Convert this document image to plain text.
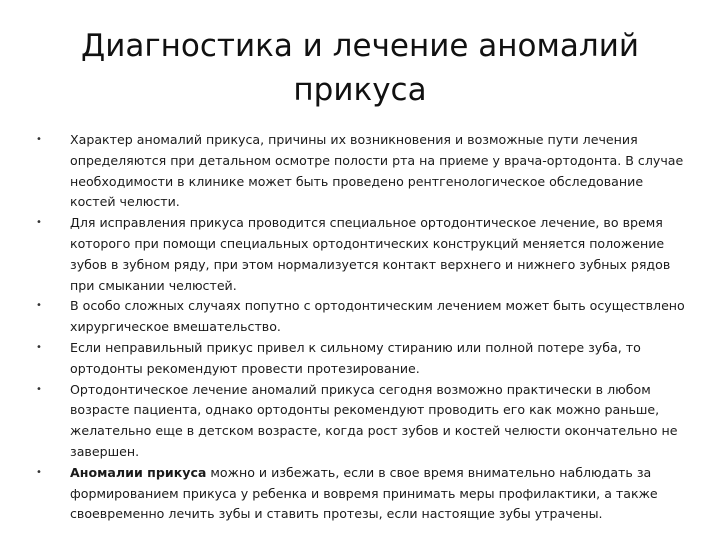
Диагностика и лечение аномалий
прикуса
•	Характер аномалий прикуса, причины их возникновения и возможные пути лечения определяются при детальном осмотре полости рта на приеме у врача-ортодонта. В случае необходимости в клинике может быть проведено рентгенологическое обследование костей челюсти.
•	Для исправления прикуса проводится специальное ортодонтическое лечение, во время которого при помощи специальных ортодонтических конструкций меняется положение зубов в зубном ряду, при этом нормализуется контакт верхнего и нижнего зубных рядов при смыкании челюстей.
•	В особо сложных случаях попутно с ортодонтическим лечением может быть осуществлено хирургическое вмешательство.
•	Если неправильный прикус привел к сильному стиранию или полной потере зуба, то ортодонты рекомендуют провести протезирование.
•	Ортодонтическое лечение аномалий прикуса сегодня возможно практически в любом возрасте пациента, однако ортодонты рекомендуют проводить его как можно раньше, желательно еще в детском возрасте, когда рост зубов и костей челюсти окончательно не завершен.
•	Аномалии прикуса можно и избежать, если в свое время внимательно наблюдать за формированием прикуса у ребенка и вовремя принимать меры профилактики, а также своевременно лечить зубы и ставить протезы, если настоящие зубы утрачены.
